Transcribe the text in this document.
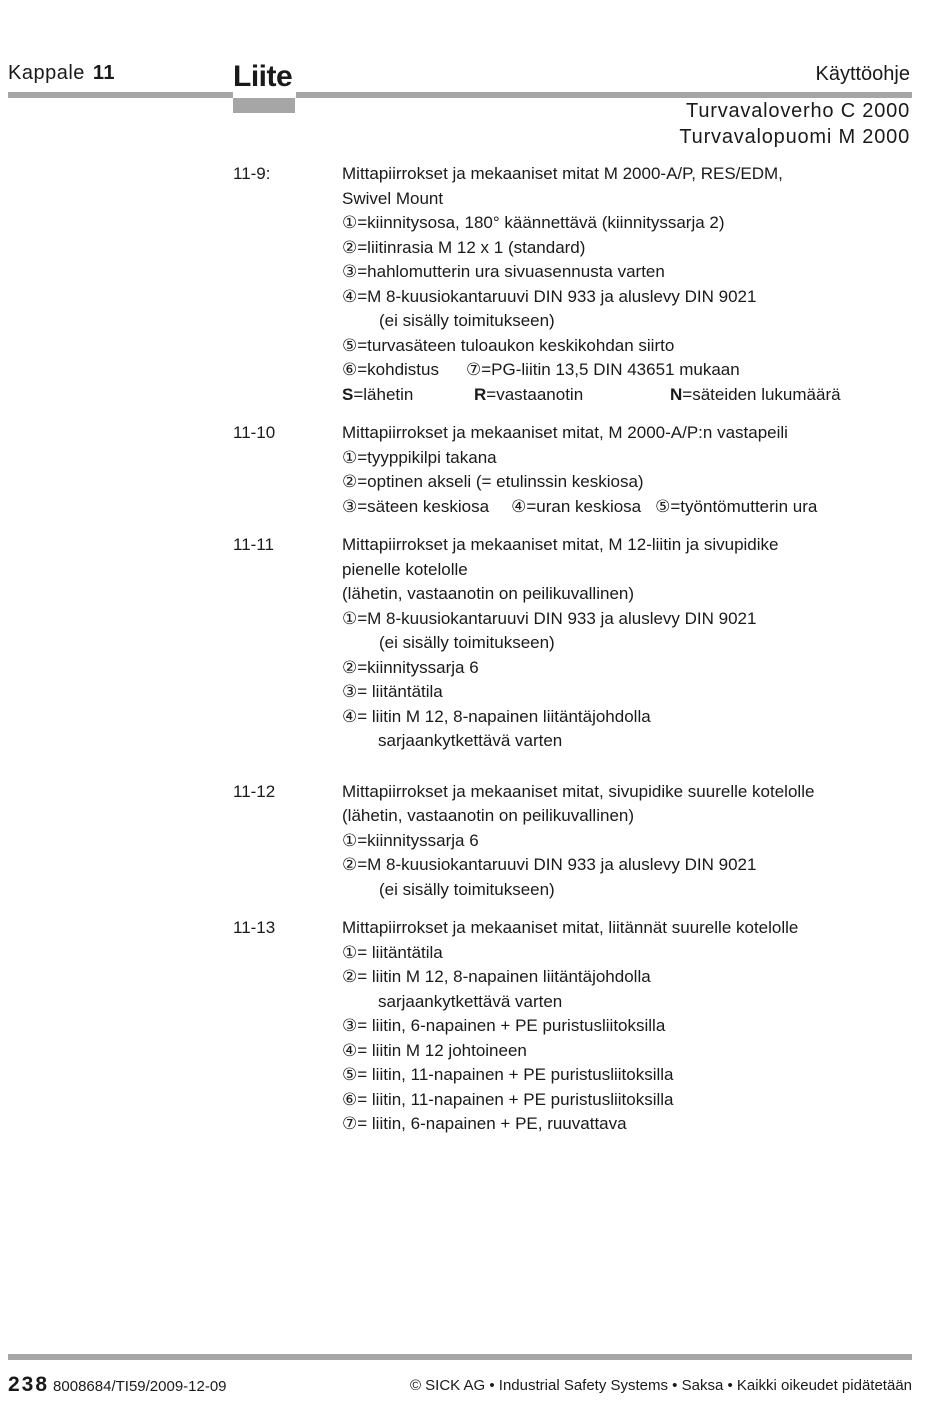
Kappale 11	Liite	Käyttöohje
Turvavaloverho C 2000
Turvavalopuomi M 2000
11-9:	Mittapiirrokset ja mekaaniset mitat M 2000-A/P, RES/EDM,
Swivel Mount
①=kiinnitysosa, 180° käännettävä (kiinnityssarja 2)
②=liitinrasia M 12 x 1 (standard)
③=hahlomutterin ura sivuasennusta varten
④=M 8-kuusiokantaruuvi DIN 933 ja aluslevy DIN 9021
(ei sisälly toimitukseen)
⑤=turvasäteen tuloaukon keskikohdan siirto
⑥=kohdistus ⑦=PG-liitin 13,5 DIN 43651 mukaan
S=lähetin	R=vastaanotin	N=säteiden lukumäärä
11-10	Mittapiirrokset ja mekaaniset mitat, M 2000-A/P:n vastapeili
①=tyyppikilpi takana
②=optinen akseli (= etulinssin keskiosa)
③=säteen keskiosa ④=uran keskiosa ⑤=työntömutterin ura
11-11	Mittapiirrokset ja mekaaniset mitat, M 12-liitin ja sivupidike
pienelle kotelolle
(lähetin, vastaanotin on peilikuvallinen)
①=M 8-kuusiokantaruuvi DIN 933 ja aluslevy DIN 9021
(ei sisälly toimitukseen)
②=kiinnityssarja 6
③= liitäntätila
④= liitin M 12, 8-napainen liitäntäjohdolla
sarjaankytkettävä varten
11-12	Mittapiirrokset ja mekaaniset mitat, sivupidike suurelle kotelolle
(lähetin, vastaanotin on peilikuvallinen)
①=kiinnityssarja 6
②=M 8-kuusiokantaruuvi DIN 933 ja aluslevy DIN 9021
(ei sisälly toimitukseen)
11-13	Mittapiirrokset ja mekaaniset mitat, liitännät suurelle kotelolle
①= liitäntätila
②= liitin M 12, 8-napainen liitäntäjohdolla
sarjaankytkettävä varten
③= liitin, 6-napainen + PE puristusliitoksilla
④= liitin M 12 johtoineen
⑤= liitin, 11-napainen + PE puristusliitoksilla
⑥= liitin, 11-napainen + PE puristusliitoksilla
⑦= liitin, 6-napainen + PE, ruuvattava
238 8008684/TI59/2009-12-09	© SICK AG • Industrial Safety Systems • Saksa • Kaikki oikeudet pidätetään
